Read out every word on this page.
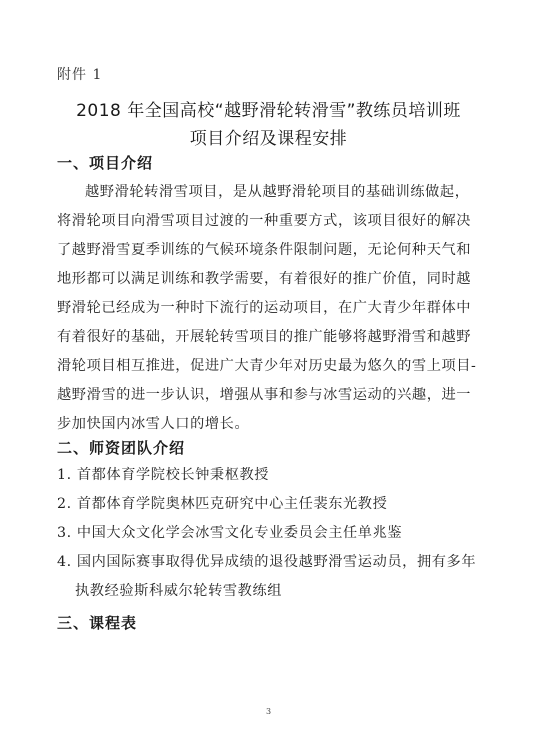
附件 1
2018 年全国高校“越野滑轮转滑雪”教练员培训班
项目介绍及课程安排
一、项目介绍
越野滑轮转滑雪项目，是从越野滑轮项目的基础训练做起，
将滑轮项目向滑雪项目过渡的一种重要方式，该项目很好的解决
了越野滑雪夏季训练的气候环境条件限制问题，无论何种天气和
地形都可以满足训练和教学需要，有着很好的推广价值，同时越
野滑轮已经成为一种时下流行的运动项目，在广大青少年群体中
有着很好的基础，开展轮转雪项目的推广能够将越野滑雪和越野
滑轮项目相互推进，促进广大青少年对历史最为悠久的雪上项目-
越野滑雪的进一步认识，增强从事和参与冰雪运动的兴趣，进一
步加快国内冰雪人口的增长。
二、师资团队介绍
1. 首都体育学院校长钟秉枢教授
2. 首都体育学院奥林匹克研究中心主任裴东光教授
3. 中国大众文化学会冰雪文化专业委员会主任单兆鉴
4. 国内国际赛事取得优异成绩的退役越野滑雪运动员，拥有多年
执教经验斯科威尔轮转雪教练组
三、课程表
3
